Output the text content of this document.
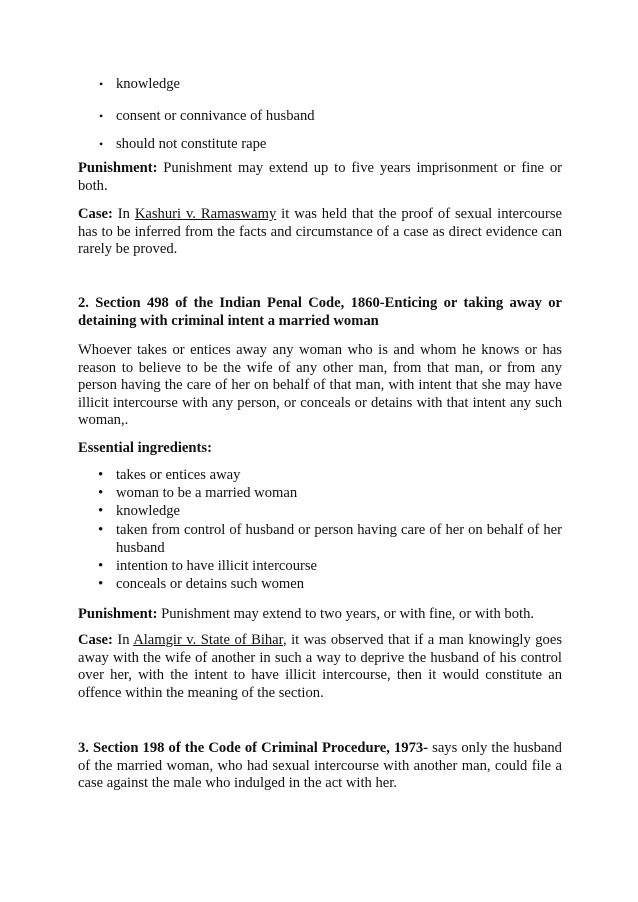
• knowledge
• consent or connivance of husband
• should not constitute rape

Punishment: Punishment may extend up to five years imprisonment or fine or both.

Case: In Kashuri v. Ramaswamy it was held that the proof of sexual intercourse has to be inferred from the facts and circumstance of a case as direct evidence can rarely be proved.

2. Section 498 of the Indian Penal Code, 1860-Enticing or taking away or detaining with criminal intent a married woman

Whoever takes or entices away any woman who is and whom he knows or has reason to believe to be the wife of any other man, from that man, or from any person having the care of her on behalf of that man, with intent that she may have illicit intercourse with any person, or conceals or detains with that intent any such woman,.

Essential ingredients:

• takes or entices away
• woman to be a married woman
• knowledge
• taken from control of husband or person having care of her on behalf of her husband
• intention to have illicit intercourse
• conceals or detains such women

Punishment: Punishment may extend to two years, or with fine, or with both.

Case: In Alamgir v. State of Bihar, it was observed that if a man knowingly goes away with the wife of another in such a way to deprive the husband of his control over her, with the intent to have illicit intercourse, then it would constitute an offence within the meaning of the section.

3. Section 198 of the Code of Criminal Procedure, 1973- says only the husband of the married woman, who had sexual intercourse with another man, could file a case against the male who indulged in the act with her.
